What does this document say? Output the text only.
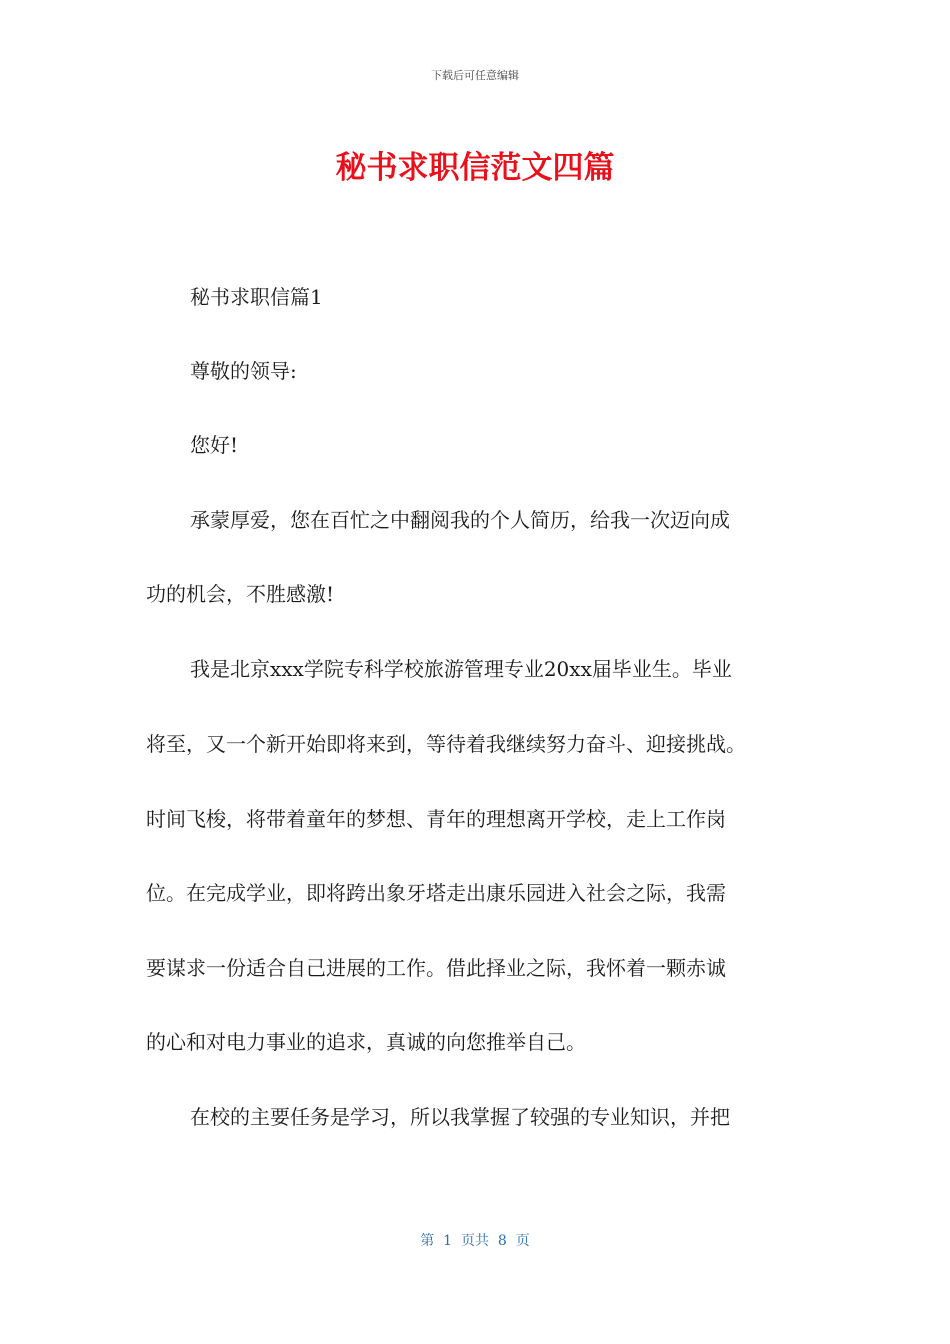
下载后可任意编辑
秘书求职信范文四篇
秘书求职信篇1
尊敬的领导:
您好!
承蒙厚爱，您在百忙之中翻阅我的个人简历，给我一次迈向成
功的机会，不胜感激!
我是北京xxx学院专科学校旅游管理专业20xx届毕业生。毕业
将至，又一个新开始即将来到，等待着我继续努力奋斗、迎接挑战。
时间飞梭，将带着童年的梦想、青年的理想离开学校，走上工作岗
位。在完成学业，即将跨出象牙塔走出康乐园进入社会之际，我需
要谋求一份适合自己进展的工作。借此择业之际，我怀着一颗赤诚
的心和对电力事业的追求，真诚的向您推举自己。
在校的主要任务是学习，所以我掌握了较强的专业知识，并把
第  1  页共  8  页
